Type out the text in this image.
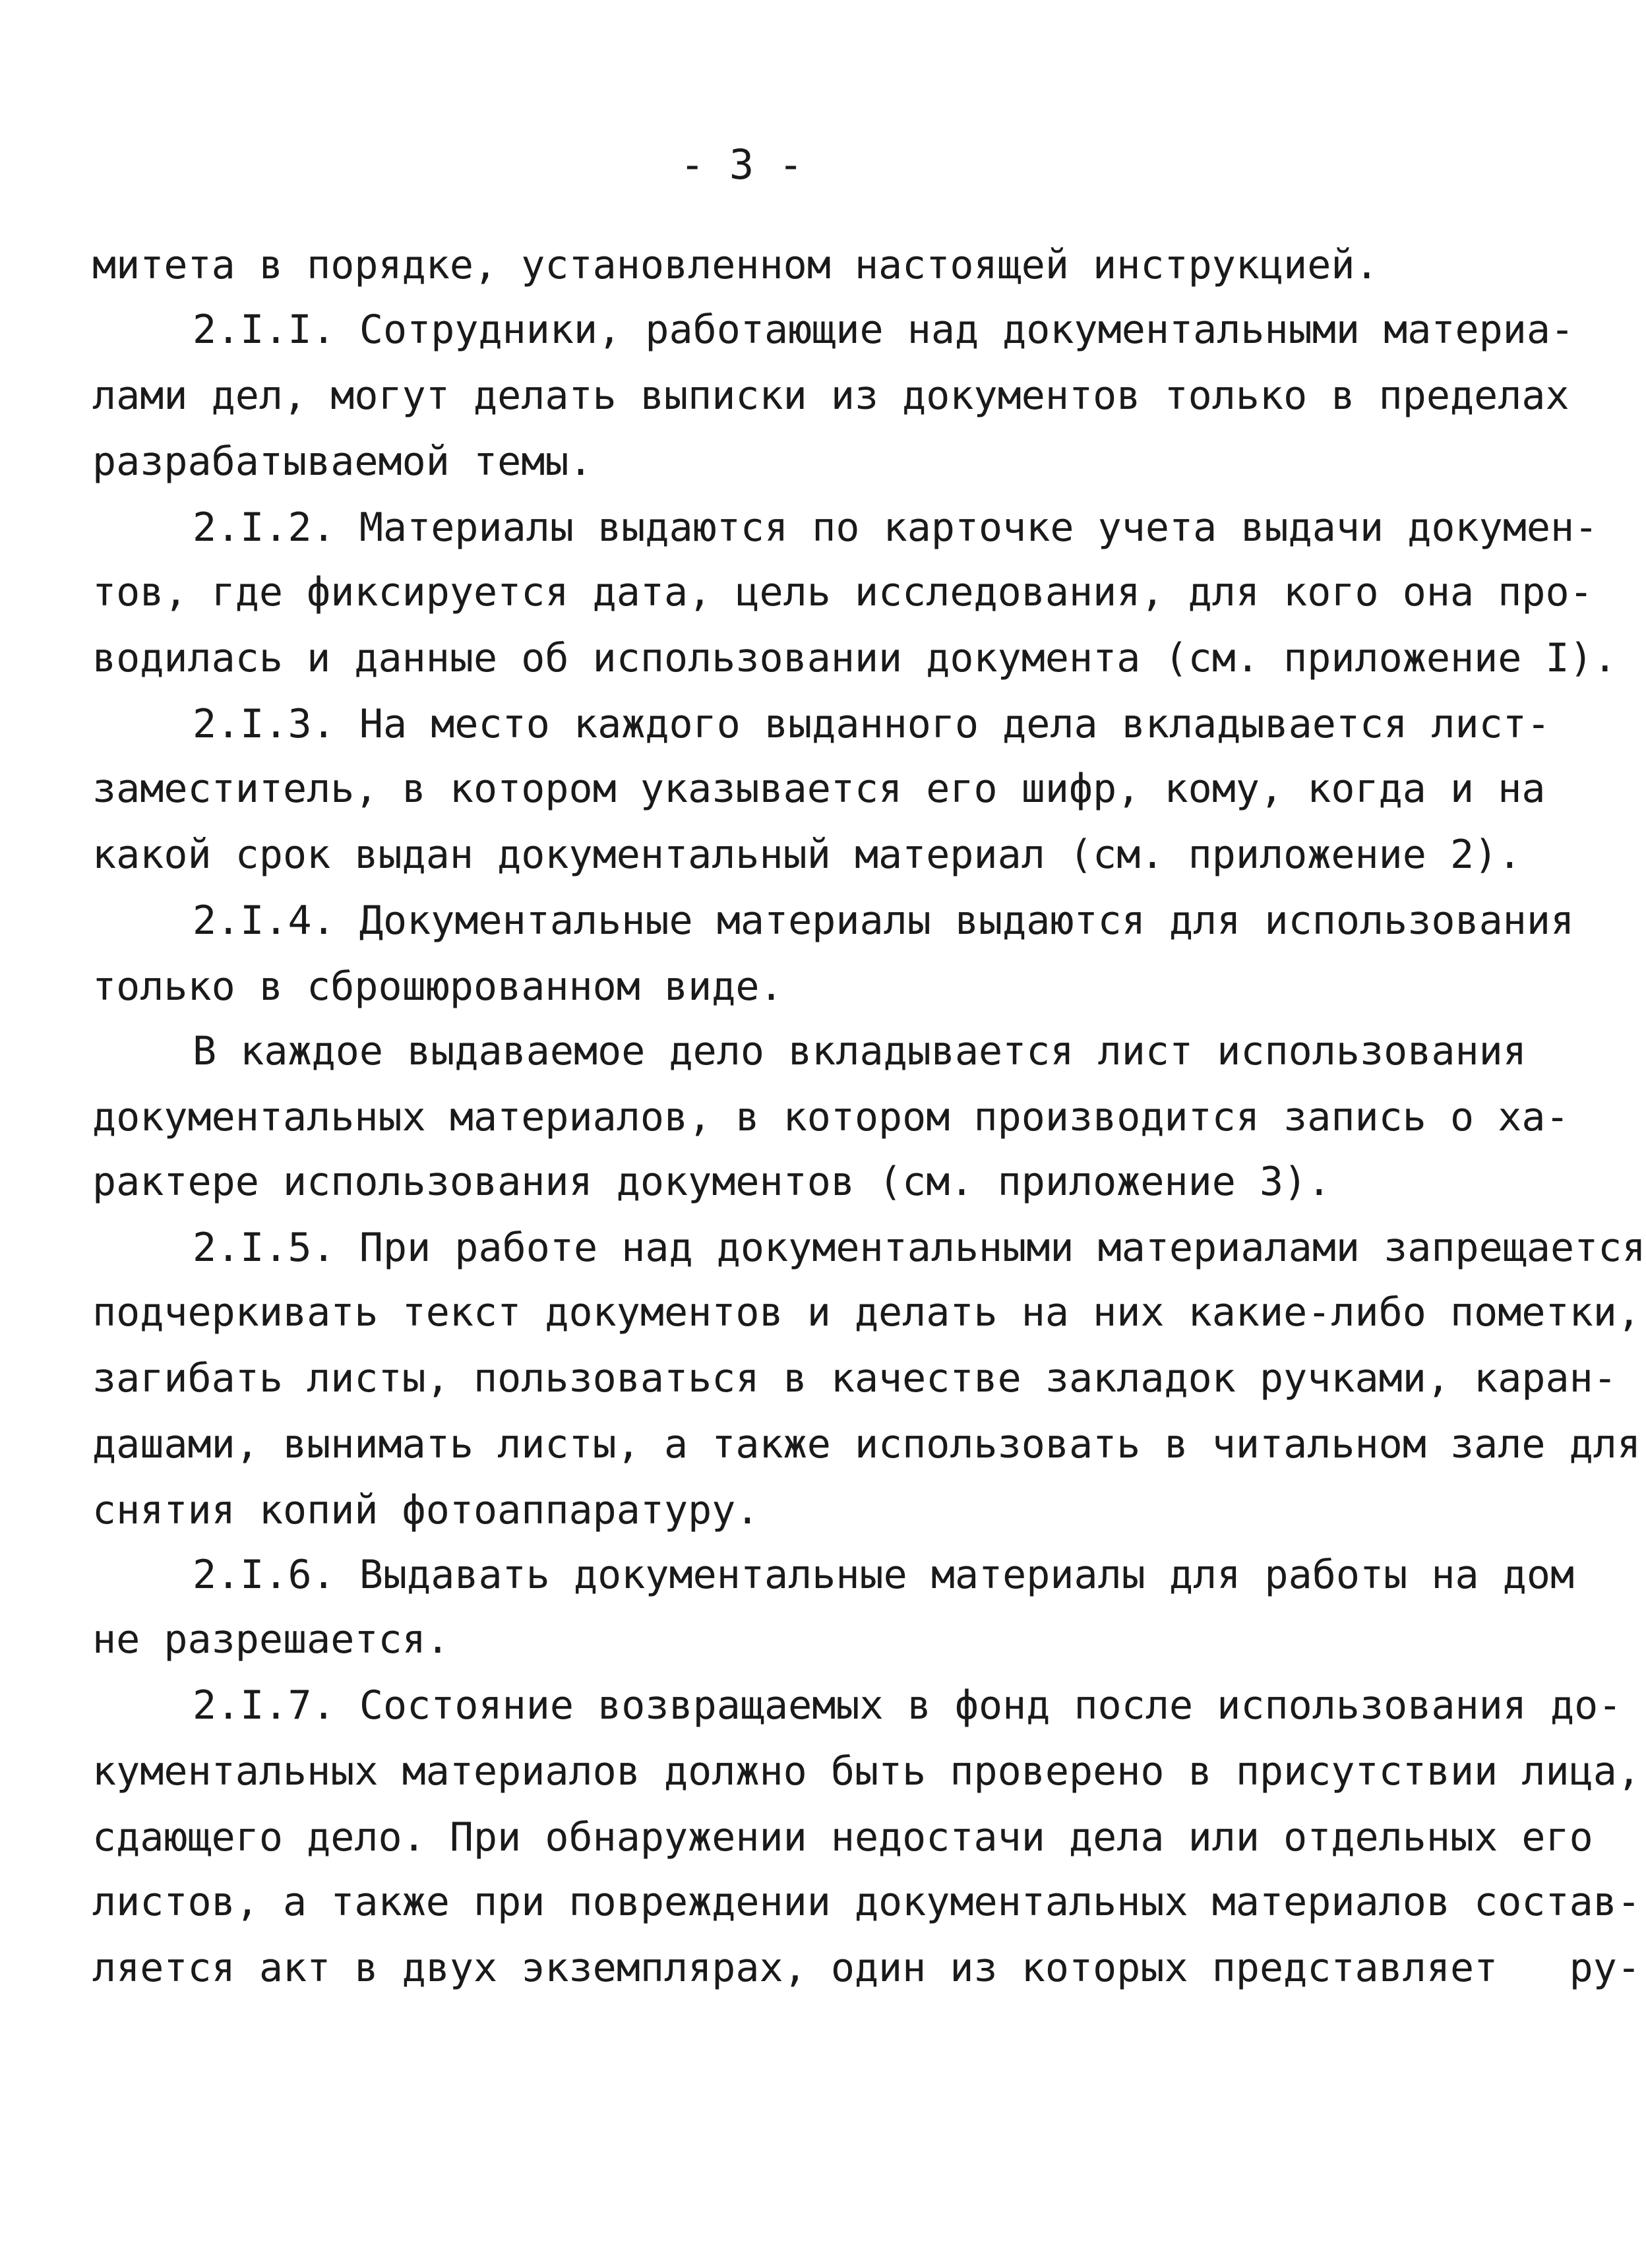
- 3 -
митета в порядке, установленном настоящей инструкцией.
2.I.I. Сотрудники, работающие над документальными материа-
лами дел, могут делать выписки из документов только в пределах
разрабатываемой темы.
2.I.2. Материалы выдаются по карточке учета выдачи докумен-
тов, где фиксируется дата, цель исследования, для кого она про-
водилась и данные об использовании документа (см. приложение I).
2.I.3. На место каждого выданного дела вкладывается лист-
заместитель, в котором указывается его шифр, кому, когда и на
какой срок выдан документальный материал (см. приложение 2).
2.I.4. Документальные материалы выдаются для использования
только в сброшюрованном виде.
В каждое выдаваемое дело вкладывается лист использования
документальных материалов, в котором производится запись о ха-
рактере использования документов (см. приложение 3).
2.I.5. При работе над документальными материалами запрещается
подчеркивать текст документов и делать на них какие-либо пометки,
загибать листы, пользоваться в качестве закладок ручками, каран-
дашами, вынимать листы, а также использовать в читальном зале для
снятия копий фотоаппаратуру.
2.I.6. Выдавать документальные материалы для работы на дом
не разрешается.
2.I.7. Состояние возвращаемых в фонд после использования до-
кументальных материалов должно быть проверено в присутствии лица,
сдающего дело. При обнаружении недостачи дела или отдельных его
листов, а также при повреждении документальных материалов состав-
ляется акт в двух экземплярах, один из которых представляет   ру-
